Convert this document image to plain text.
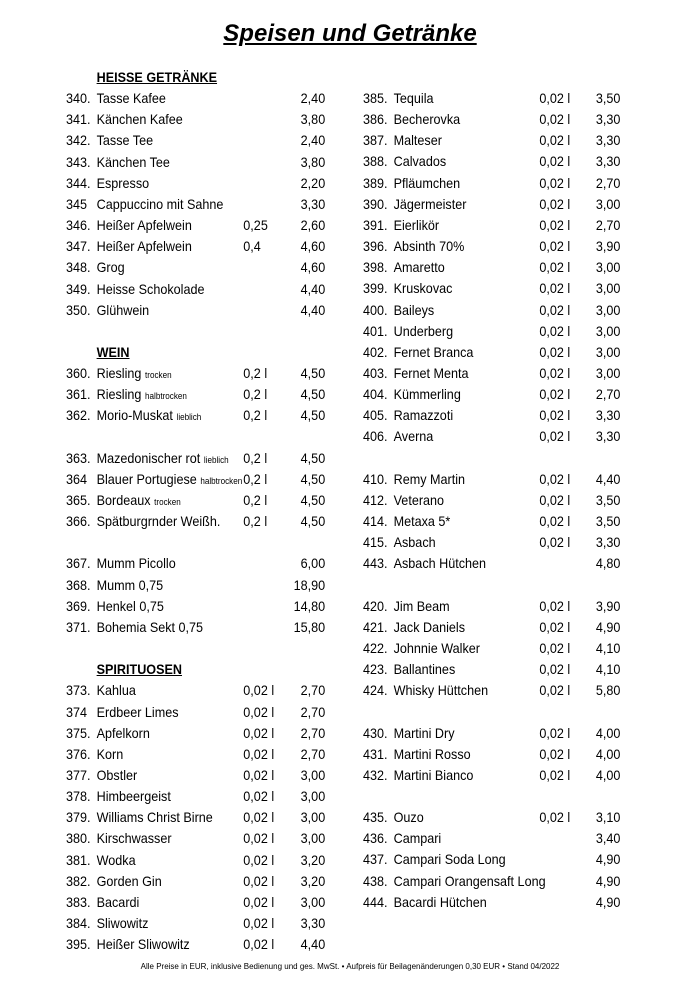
Speisen und Getränke
HEISSE GETRÄNKE
340. Tasse Kafee	2,40
341. Känchen Kafee	3,80
342. Tasse Tee	2,40
343. Känchen Tee	3,80
344. Espresso	2,20
345 Cappuccino mit Sahne	3,30
346. Heißer Apfelwein	0,25	2,60
347. Heißer Apfelwein	0,4	4,60
348. Grog	4,60
349. Heisse Schokolade	4,40
350. Glühwein	4,40
WEIN
360. Riesling trocken	0,2 l	4,50
361. Riesling halbtrocken	0,2 l	4,50
362. Morio-Muskat lieblich	0,2 l	4,50
363. Mazedonischer rot lieblich 0,2 l	4,50
364 Blauer Portugiese halbtrocken 0,2 l	4,50
365. Bordeaux trocken	0,2 l	4,50
366. Spätburgrnder Weißh. 0,2 l	4,50
367. Mumm Picollo	6,00
368. Mumm 0,75	18,90
369. Henkel 0,75	14,80
371. Bohemia Sekt 0,75	15,80
SPIRITUOSEN
373. Kahlua	0,02 l	2,70
374 Erdbeer Limes	0,02 l	2,70
375. Apfelkorn	0,02 l	2,70
376. Korn	0,02 l	2,70
377. Obstler	0,02 l	3,00
378. Himbeergeist	0,02 l	3,00
379. Williams Christ Birne 0,02 l	3,00
380. Kirschwasser	0,02 l	3,00
381. Wodka	0,02 l	3,20
382. Gorden Gin	0,02 l	3,20
383. Bacardi	0,02 l	3,00
384. Sliwowitz	0,02 l	3,30
395. Heißer Sliwowitz	0,02 l	4,40
385. Tequila	0,02 l	3,50
386. Becherovka	0,02 l	3,30
387. Malteser	0,02 l	3,30
388. Calvados	0,02 l	3,30
389. Pfläumchen	0,02 l	2,70
390. Jägermeister	0,02 l	3,00
391. Eierlikör	0,02 l	2,70
396. Absinth 70%	0,02 l	3,90
398. Amaretto	0,02 l	3,00
399. Kruskovac	0,02 l	3,00
400. Baileys	0,02 l	3,00
401. Underberg	0,02 l	3,00
402. Fernet Branca	0,02 l	3,00
403. Fernet Menta	0,02 l	3,00
404. Kümmerling	0,02 l	2,70
405. Ramazzoti	0,02 l	3,30
406. Averna	0,02 l	3,30
410. Remy Martin	0,02 l	4,40
412. Veterano	0,02 l	3,50
414. Metaxa 5*	0,02 l	3,50
415. Asbach	0,02 l	3,30
443. Asbach Hütchen	4,80
420. Jim Beam	0,02 l	3,90
421. Jack Daniels	0,02 l	4,90
422. Johnnie Walker	0,02 l	4,10
423. Ballantines	0,02 l	4,10
424. Whisky Hüttchen	0,02 l	5,80
430. Martini Dry	0,02 l	4,00
431. Martini Rosso	0,02 l	4,00
432. Martini Bianco	0,02 l	4,00
435. Ouzo	0,02 l	3,10
436. Campari	3,40
437. Campari Soda Long	4,90
438. Campari Orangensaft Long	4,90
444. Bacardi Hütchen	4,90
Alle Preise in EUR, inklusive Bedienung und ges. MwSt. • Aufpreis für Beilagenänderungen 0,30 EUR • Stand 04/2022
